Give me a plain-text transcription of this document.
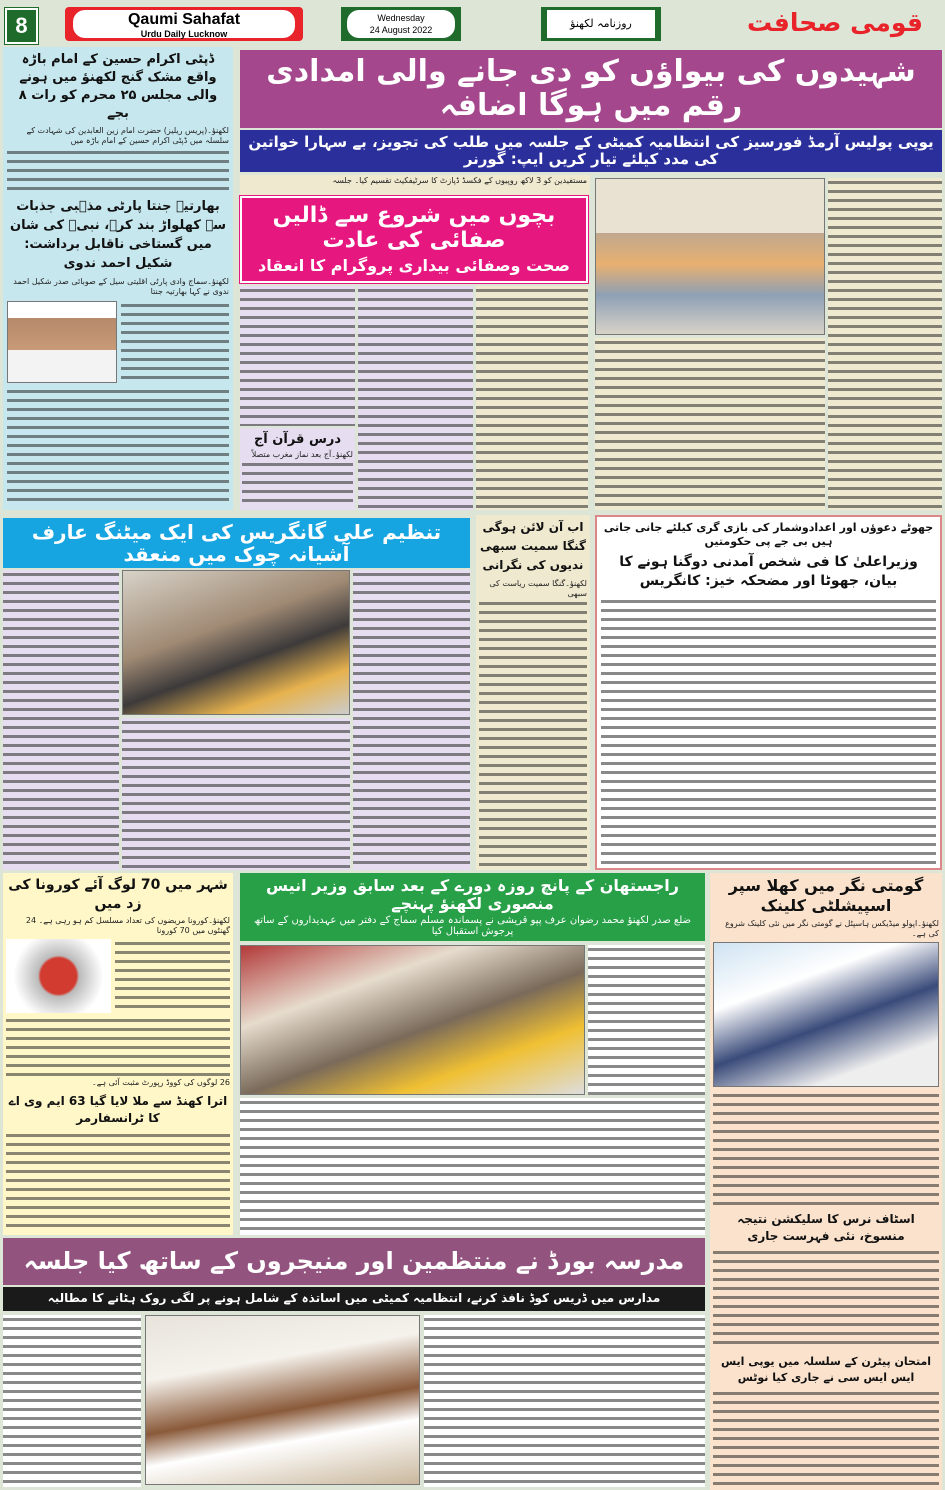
8	Qaumi Sahafat
Urdu Daily Lucknow
Wednesday
24 August 2022	روزنامہ لکھنؤ	قومی صحافت
ڈپٹی اکرام حسین کے امام باڑہ واقع مشک گنج لکھنؤ میں ہونے والی مجلس ۲۵ محرم کو رات ۸ بجے
لکھنؤ۔(پریس ریلیز) حضرت امام زین العابدین کی شہادت کے سلسلہ میں ڈپٹی اکرام حسین کے امام باڑہ میں
بھارتیہ جنتا پارٹی مذہبی جذبات سے کھلواڑ بند کرے، نبیؐ کی شان میں گستاخی ناقابل برداشت: شکیل احمد ندوی
لکھنؤ۔سماج وادی پارٹی اقلیتی سیل کے صوبائی صدر شکیل احمد ندوی نے کہا بھارتیہ جنتا
شہیدوں کی بیواؤں کو دی جانے والی امدادی رقم میں ہوگا اضافہ
یوپی پولیس آرمڈ فورسیز کی انتظامیہ کمیٹی کے جلسہ میں طلب کی تجویز، بے سہارا خواتین کی مدد کیلئے تیار کریں ایپ: گورنر
مستفیدین کو 3 لاکھ روپیوں کے فکسڈ ڈپازٹ کا سرٹیفکیٹ تقسیم کیا۔ جلسہ
بچوں میں شروع سے ڈالیں صفائی کی عادت
صحت وصفائی بیداری پروگرام کا انعقاد
درس قرآن آج
لکھنؤ۔آج بعد نماز مغرب متصلاً
تنظیم علی گانگریس کی ایک میٹنگ عارف آشیانہ چوک میں منعقد
اب آن لائن ہوگی گنگا سمیت سبھی ندیوں کی نگرانی
لکھنؤ۔گنگا سمیت ریاست کی سبھی
جھوٹے دعوؤں اور اعدادوشمار کی بازی گری کیلئے جانی جاتی ہیں بی جے پی حکومتیں
وزیراعلیٰ کا فی شخص آمدنی دوگنا ہونے کا بیان، جھوٹا اور مضحکہ خیز: کانگریس
شہر میں 70 لوگ آئے کورونا کی زد میں
لکھنؤ۔کورونا مریضوں کی تعداد مسلسل کم ہو رہی ہے۔ 24 گھنٹوں میں 70 کورونا
26 لوگوں کی کووڈ رپورٹ مثبت آئی ہے۔
اترا کھنڈ سے ملا لایا گیا 63 ایم وی اے کا ٹرانسفارمر
راجستھان کے پانچ روزہ دورے کے بعد سابق وزیر انیس منصوری لکھنؤ پہنچے
ضلع صدر لکھنؤ محمد رضوان عرف پپو قریشی نے پسماندہ مسلم سماج کے دفتر میں عہدیداروں کے ساتھ پرجوش استقبال کیا
گومتی نگر میں کھلا سپر اسپیشلٹی کلینک
لکھنؤ۔اپولو میڈیکس ہاسپٹل نے گومتی نگر میں نئی کلینک شروع کی ہے۔
اسٹاف نرس کا سلیکشن نتیجہ منسوخ، نئی فہرست جاری
امتحان پیٹرن کے سلسلہ میں یوپی ایس ایس ایس سی نے جاری کیا نوٹس
مدرسہ بورڈ نے منتظمین اور منیجروں کے ساتھ کیا جلسہ
مدارس میں ڈریس کوڈ نافذ کرنے، انتظامیہ کمیٹی میں اساتذہ کے شامل ہونے پر لگی روک ہٹانے کا مطالبہ
